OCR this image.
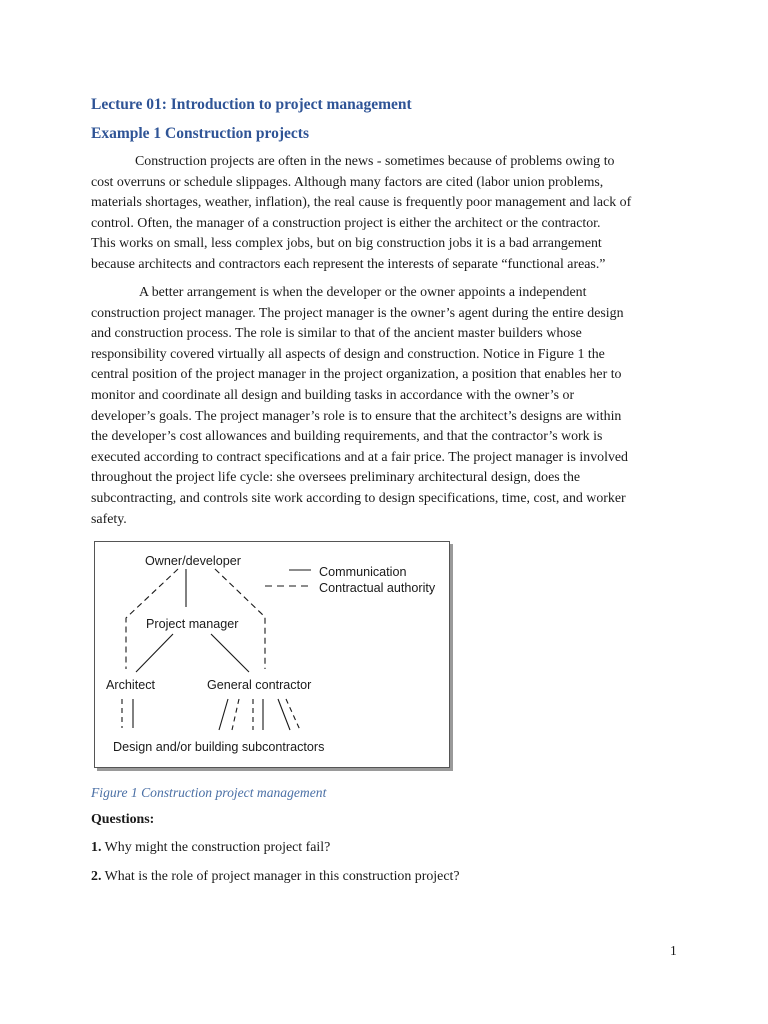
Lecture 01: Introduction to project management
Example 1 Construction projects

Construction projects are often in the news - sometimes because of problems owing to
cost overruns or schedule slippages. Although many factors are cited (labor union problems,
materials shortages, weather, inflation), the real cause is frequently poor management and lack of
control. Often, the manager of a construction project is either the architect or the contractor.
This works on small, less complex jobs, but on big construction jobs it is a bad arrangement
because architects and contractors each represent the interests of separate “functional areas.”

A better arrangement is when the developer or the owner appoints a independent
construction project manager. The project manager is the owner’s agent during the entire design
and construction process. The role is similar to that of the ancient master builders whose
responsibility covered virtually all aspects of design and construction. Notice in Figure 1 the
central position of the project manager in the project organization, a position that enables her to
monitor and coordinate all design and building tasks in accordance with the owner’s or
developer’s goals. The project manager’s role is to ensure that the architect’s designs are within
the developer’s cost allowances and building requirements, and that the contractor’s work is
executed according to contract specifications and at a fair price. The project manager is involved
throughout the project life cycle: she oversees preliminary architectural design, does the
subcontracting, and controls site work according to design specifications, time, cost, and worker
safety.

Owner/developer
Project manager
Architect	General contractor
Design and/or building subcontractors
Communication
Contractual authority

Figure 1 Construction project management

Questions:

1. Why might the construction project fail?

2. What is the role of project manager in this construction project?

1
